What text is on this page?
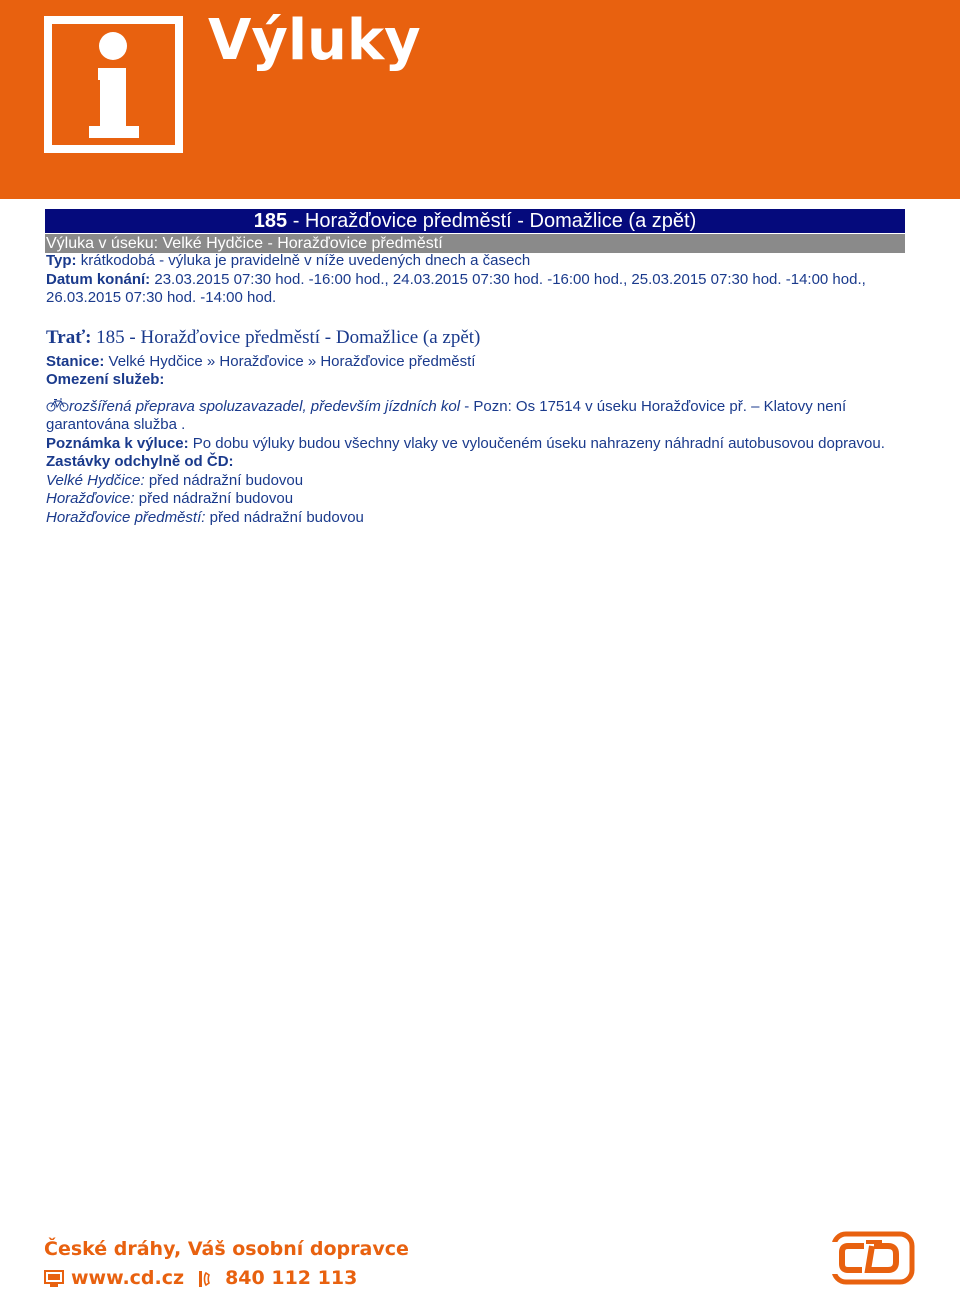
Výluky
185 - Horažďovice předměstí - Domažlice (a zpět)
Výluka v úseku: Velké Hydčice - Horažďovice předměstí

Typ: krátkodobá - výluka je pravidelně v níže uvedených dnech a časech

Datum konání: 23.03.2015 07:30 hod. -16:00 hod., 24.03.2015 07:30 hod. -16:00 hod., 25.03.2015 07:30 hod. -14:00 hod., 26.03.2015 07:30 hod. -14:00 hod.

Trať: 185 - Horažďovice předměstí - Domažlice (a zpět)

Stanice: Velké Hydčice » Horažďovice » Horažďovice předměstí

Omezení služeb:

rozšířená přeprava spoluzavazadel, především jízdních kol - Pozn: Os 17514 v úseku Horažďovice př. – Klatovy není garantována služba .

Poznámka k výluce: Po dobu výluky budou všechny vlaky ve vyloučeném úseku nahrazeny náhradní autobusovou dopravou.

Zastávky odchylně od ČD:

Velké Hydčice: před nádražní budovou

Horažďovice: před nádražní budovou

Horažďovice předměstí: před nádražní budovou

České dráhy, Váš osobní dopravce
www.cd.cz 840 112 113
